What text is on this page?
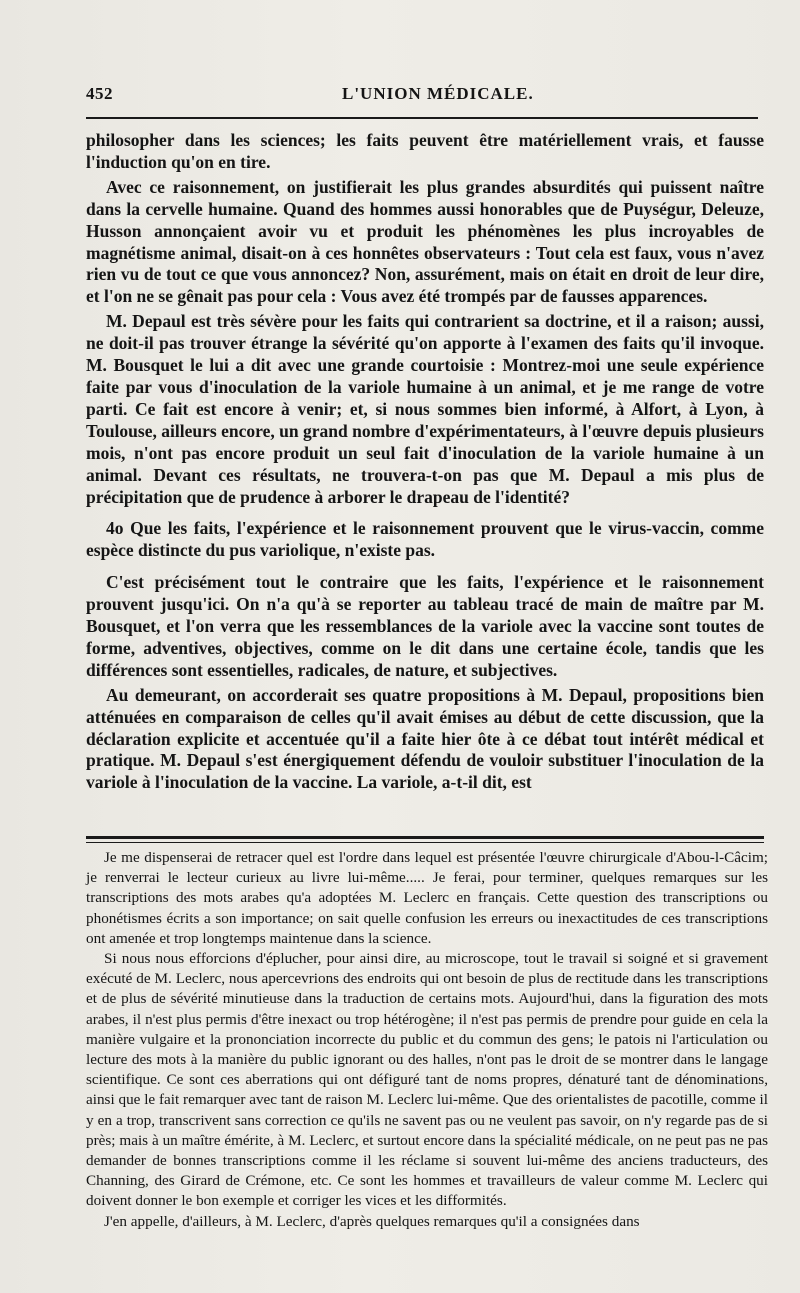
452	L'UNION MÉDICALE.

philosopher dans les sciences; les faits peuvent être matériellement vrais, et fausse l'induction qu'on en tire.

Avec ce raisonnement, on justifierait les plus grandes absurdités qui puissent naître dans la cervelle humaine. Quand des hommes aussi honorables que de Puységur, Deleuze, Husson annonçaient avoir vu et produit les phénomènes les plus incroyables de magnétisme animal, disait-on à ces honnêtes observateurs : Tout cela est faux, vous n'avez rien vu de tout ce que vous annoncez? Non, assurément, mais on était en droit de leur dire, et l'on ne se gênait pas pour cela : Vous avez été trompés par de fausses apparences.

M. Depaul est très sévère pour les faits qui contrarient sa doctrine, et il a raison; aussi, ne doit-il pas trouver étrange la sévérité qu'on apporte à l'examen des faits qu'il invoque. M. Bousquet le lui a dit avec une grande courtoisie : Montrez-moi une seule expérience faite par vous d'inoculation de la variole humaine à un animal, et je me range de votre parti. Ce fait est encore à venir; et, si nous sommes bien informé, à Alfort, à Lyon, à Toulouse, ailleurs encore, un grand nombre d'expérimentateurs, à l'œuvre depuis plusieurs mois, n'ont pas encore produit un seul fait d'inoculation de la variole humaine à un animal. Devant ces résultats, ne trouvera-t-on pas que M. Depaul a mis plus de précipitation que de prudence à arborer le drapeau de l'identité?

4o Que les faits, l'expérience et le raisonnement prouvent que le virus-vaccin, comme espèce distincte du pus variolique, n'existe pas.

C'est précisément tout le contraire que les faits, l'expérience et le raisonnement prouvent jusqu'ici. On n'a qu'à se reporter au tableau tracé de main de maître par M. Bousquet, et l'on verra que les ressemblances de la variole avec la vaccine sont toutes de forme, adventives, objectives, comme on le dit dans une certaine école, tandis que les différences sont essentielles, radicales, de nature, et subjectives.

Au demeurant, on accorderait ses quatre propositions à M. Depaul, propositions bien atténuées en comparaison de celles qu'il avait émises au début de cette discussion, que la déclaration explicite et accentuée qu'il a faite hier ôte à ce débat tout intérêt médical et pratique. M. Depaul s'est énergiquement défendu de vouloir substituer l'inoculation de la variole à l'inoculation de la vaccine. La variole, a-t-il dit, est

Je me dispenserai de retracer quel est l'ordre dans lequel est présentée l'œuvre chirurgicale d'Abou-l-Câcim; je renverrai le lecteur curieux au livre lui-même..... Je ferai, pour terminer, quelques remarques sur les transcriptions des mots arabes qu'a adoptées M. Leclerc en français. Cette question des transcriptions ou phonétismes écrits a son importance; on sait quelle confusion les erreurs ou inexactitudes de ces transcriptions ont amenée et trop longtemps maintenue dans la science.

Si nous nous efforcions d'éplucher, pour ainsi dire, au microscope, tout le travail si soigné et si gravement exécuté de M. Leclerc, nous apercevrions des endroits qui ont besoin de plus de rectitude dans les transcriptions et de plus de sévérité minutieuse dans la traduction de certains mots. Aujourd'hui, dans la figuration des mots arabes, il n'est plus permis d'être inexact ou trop hétérogène; il n'est pas permis de prendre pour guide en cela la manière vulgaire et la prononciation incorrecte du public et du commun des gens; le patois ni l'articulation ou lecture des mots à la manière du public ignorant ou des halles, n'ont pas le droit de se montrer dans le langage scientifique. Ce sont ces aberrations qui ont défiguré tant de noms propres, dénaturé tant de dénominations, ainsi que le fait remarquer avec tant de raison M. Leclerc lui-même. Que des orientalistes de pacotille, comme il y en a trop, transcrivent sans correction ce qu'ils ne savent pas ou ne veulent pas savoir, on n'y regarde pas de si près; mais à un maître émérite, à M. Leclerc, et surtout encore dans la spécialité médicale, on ne peut pas ne pas demander de bonnes transcriptions comme il les réclame si souvent lui-même des anciens traducteurs, des Channing, des Girard de Crémone, etc. Ce sont les hommes et travailleurs de valeur comme M. Leclerc qui doivent donner le bon exemple et corriger les vices et les difformités.

J'en appelle, d'ailleurs, à M. Leclerc, d'après quelques remarques qu'il a consignées dans
